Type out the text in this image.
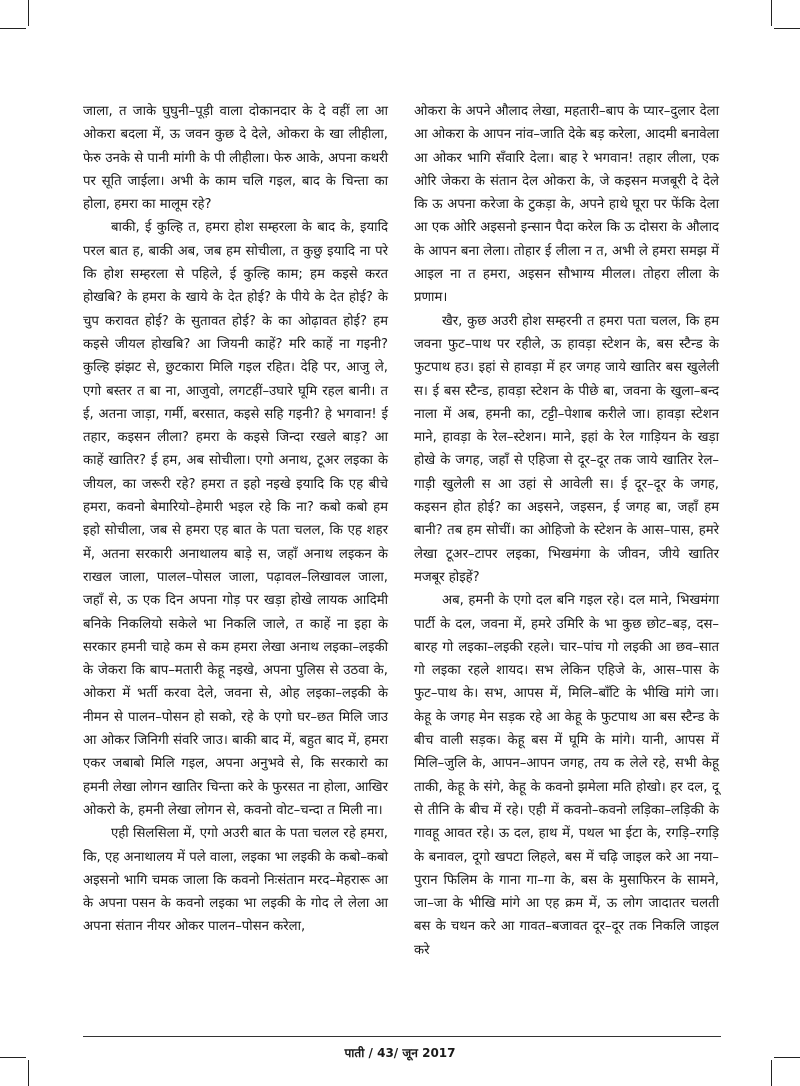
जाला, त जाके घुघुनी–पूड़ी वाला दोकानदार के दे वहीं ला आ ओकरा बदला में, ऊ जवन कुछ दे देले, ओकरा के खा लीहीला, फेरु उनके से पानी मांगी के पी लीहीला। फेरु आके, अपना कथरी पर सूति जाईला। अभी के काम चलि गइल, बाद के चिन्ता का होला, हमरा का मालूम रहे?

बाकी, ई कुल्हि त, हमरा होश सम्हरला के बाद के, इयादि परल बात ह, बाकी अब, जब हम सोचीला, त कुछु इयादि ना परे कि होश सम्हरला से पहिले, ई कुल्हि काम; हम कइसे करत होखबि? के हमरा के खाये के देत होई? के पीये के देत होई? के चुप करावत होई? के सुतावत होई? के का ओढ़ावत होई? हम कइसे जीयल होखबि? आ जियनी काहें? मरि काहें ना गइनी? कुल्हि झंझट से, छुटकारा मिलि गइल रहित। देहि पर, आजु ले, एगो बस्तर त बा ना, आजुवो, लगटहीं–उघारे घूमि रहल बानी। त ई, अतना जाड़ा, गर्मी, बरसात, कइसे सहि गइनी? हे भगवान! ई तहार, कइसन लीला? हमरा के कइसे जिन्दा रखले बाड़? आ काहें खातिर? ई हम, अब सोचीला। एगो अनाथ, टूअर लइका के जीयल, का जरूरी रहे? हमरा त इहो नइखे इयादि कि एह बीचे हमरा, कवनो बेमारियो–हेमारी भइल रहे कि ना? कबो कबो हम इहो सोचीला, जब से हमरा एह बात के पता चलल, कि एह शहर में, अतना सरकारी अनाथालय बाड़े स, जहाँ अनाथ लइकन के राखल जाला, पालल–पोसल जाला, पढ़ावल–लिखावल जाला, जहाँ से, ऊ एक दिन अपना गोड़ पर खड़ा होखे लायक आदिमी बनिके निकलियो सकेले भा निकलि जाले, त काहें ना इहा के सरकार हमनी चाहे कम से कम हमरा लेखा अनाथ लइका–लइकी के जेकरा कि बाप–मतारी केहू नइखे, अपना पुलिस से उठवा के, ओकरा में भर्ती करवा देले, जवना से, ओह लइका–लइकी के नीमन से पालन–पोसन हो सको, रहे के एगो घर–छत मिलि जाउ आ ओकर जिनिगी संवरि जाउ। बाकी बाद में, बहुत बाद में, हमरा एकर जबाबो मिलि गइल, अपना अनुभवे से, कि सरकारो का हमनी लेखा लोगन खातिर चिन्ता करे के फुरसत ना होला, आखिर ओकरो के, हमनी लेखा लोगन से, कवनो वोट–चन्दा त मिली ना।

एही सिलसिला में, एगो अउरी बात के पता चलल रहे हमरा, कि, एह अनाथालय में पले वाला, लइका भा लइकी के कबो–कबो अइसनो भागि चमक जाला कि कवनो निःसंतान मरद–मेहरारू आ के अपना पसन के कवनो लइका भा लइकी के गोद ले लेला आ अपना संतान नीयर ओकर पालन–पोसन करेला,

ओकरा के अपने औलाद लेखा, महतारी–बाप के प्यार–दुलार देला आ ओकरा के आपन नांव–जाति देके बड़ करेला, आदमी बनावेला आ ओकर भागि सँवारि देला। बाह रे भगवान! तहार लीला, एक ओरि जेकरा के संतान देल ओकरा के, जे कइसन मजबूरी दे देले कि ऊ अपना करेजा के टुकड़ा के, अपने हाथे घूरा पर फेंकि देला आ एक ओरि अइसनो इन्सान पैदा करेल कि ऊ दोसरा के औलाद के आपन बना लेला। तोहार ई लीला न त, अभी ले हमरा समझ में आइल ना त हमरा, अइसन सौभाग्य मीलल। तोहरा लीला के प्रणाम।

खैर, कुछ अउरी होश सम्हरनी त हमरा पता चलल, कि हम जवना फुट–पाथ पर रहीले, ऊ हावड़ा स्टेशन के, बस स्टैन्ड के फुटपाथ हउ। इहां से हावड़ा में हर जगह जाये खातिर बस खुलेली स। ई बस स्टैन्ड, हावड़ा स्टेशन के पीछे बा, जवना के खुला–बन्द नाला में अब, हमनी का, टट्टी–पेशाब करीले जा। हावड़ा स्टेशन माने, हावड़ा के रेल–स्टेशन। माने, इहां के रेल गाड़ियन के खड़ा होखे के जगह, जहाँ से एहिजा से दूर–दूर तक जाये खातिर रेल–गाड़ी खुलेली स आ उहां से आवेली स। ई दूर–दूर के जगह, कइसन होत होई? का अइसने, जइसन, ई जगह बा, जहाँ हम बानी? तब हम सोचीं। का ओहिजो के स्टेशन के आस–पास, हमरे लेखा टूअर–टापर लइका, भिखमंगा के जीवन, जीये खातिर मजबूर होइहें?

अब, हमनी के एगो दल बनि गइल रहे। दल माने, भिखमंगा पार्टी के दल, जवना में, हमरे उमिरि के भा कुछ छोट–बड़, दस–बारह गो लइका–लइकी रहले। चार–पांच गो लइकी आ छव–सात गो लइका रहले शायद। सभ लेकिन एहिजे के, आस–पास के फुट–पाथ के। सभ, आपस में, मिलि–बाँटि के भीखि मांगे जा। केहू के जगह मेन सड़क रहे आ केहू के फुटपाथ आ बस स्टैन्ड के बीच वाली सड़क। केहू बस में घूमि के मांगे। यानी, आपस में मिलि–जुलि के, आपन–आपन जगह, तय क लेले रहे, सभी केहू ताकी, केहू के संगे, केहू के कवनो झमेला मति होखो। हर दल, दू से तीनि के बीच में रहे। एही में कवनो–कवनो लड़िका–लड़िकी के गावहू आवत रहे। ऊ दल, हाथ में, पथल भा ईटा के, रगड़ि–रगड़ि के बनावल, दूगो खपटा लिहले, बस में चढ़ि जाइल करे आ नया–पुरान फिलिम के गाना गा–गा के, बस के मुसाफिरन के सामने, जा–जा के भीखि मांगे आ एह क्रम में, ऊ लोग जादातर चलती बस के चथन करे आ गावत–बजावत दूर–दूर तक निकलि जाइल करे

पाती / 43/ जून 2017
